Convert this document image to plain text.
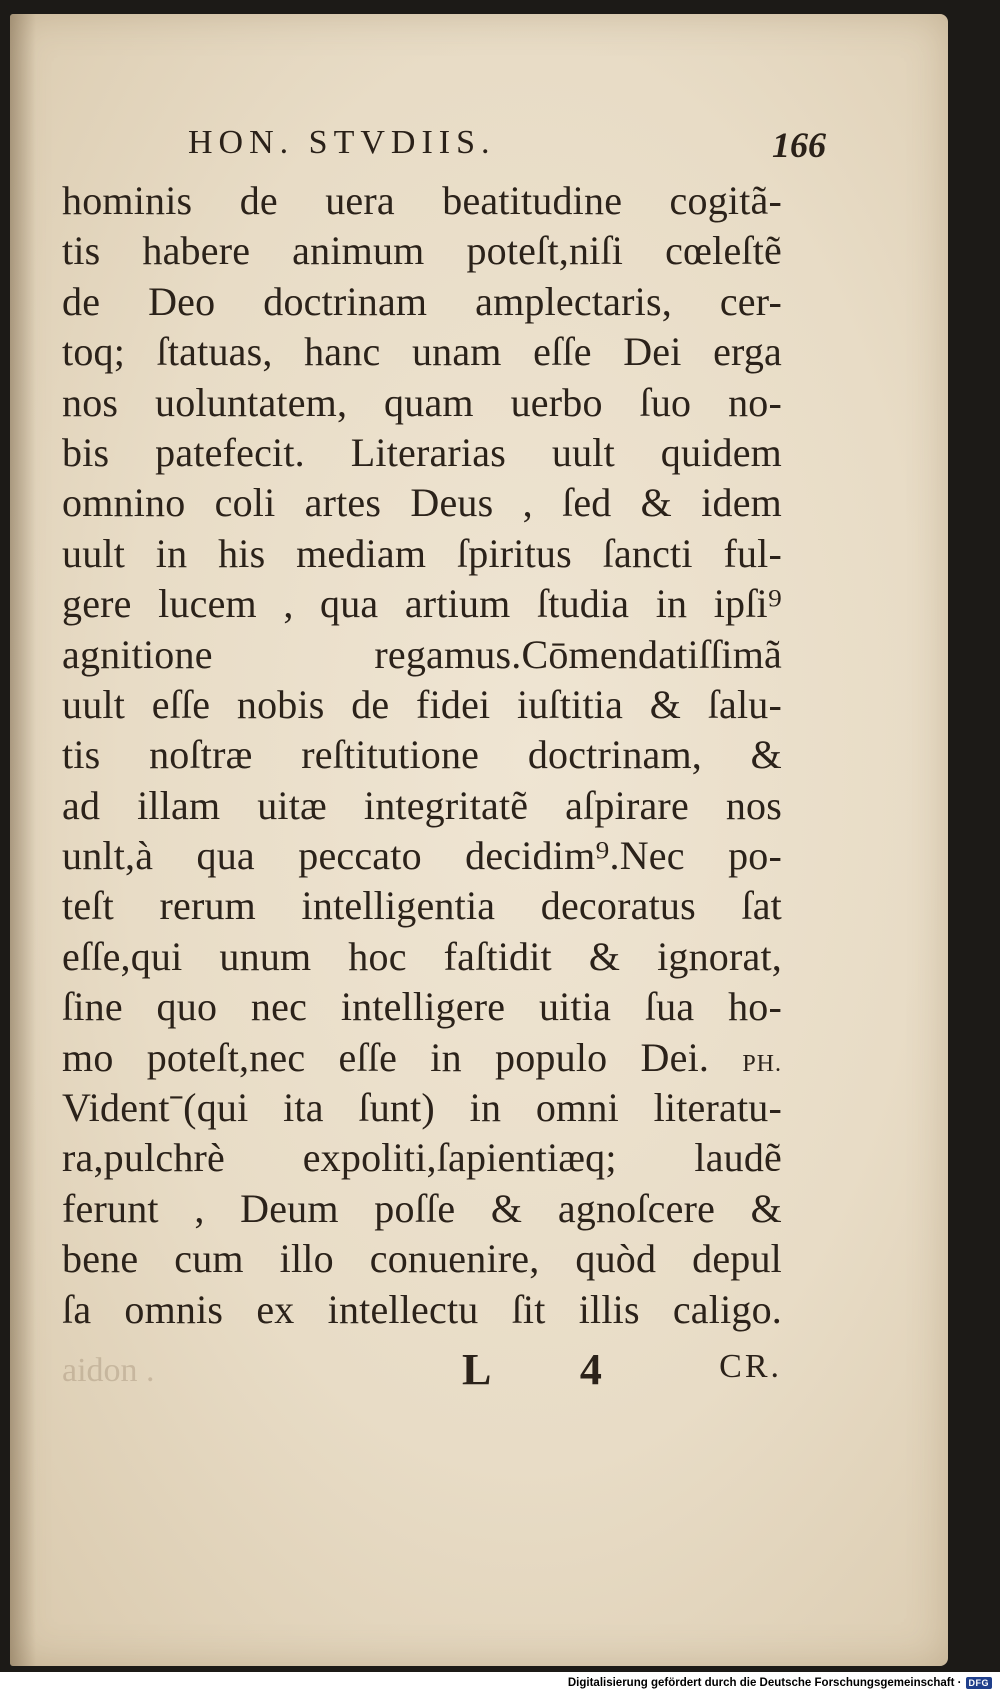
HON. STVDIIS.	166
hominis de uera beatitudine cogitã-
tis habere animum poteſt,niſi cœleſtẽ
de Deo doctrinam amplectaris, cer-
toq; ſtatuas, hanc unam eſſe Dei erga
nos uoluntatem, quam uerbo ſuo no-
bis patefecit. Literarias uult quidem
omnino coli artes Deus , ſed & idem
uult in his mediam ſpiritus ſancti ful-
gere lucem , qua artium ſtudia in ipſi⁹
agnitione regamus.Cōmendatiſſimã
uult eſſe nobis de fidei iuſtitia & ſalu-
tis noſtræ reſtitutione doctrinam, &
ad illam uitæ integritatẽ aſpirare nos
unlt,à qua peccato decidim⁹.Nec po-
teſt rerum intelligentia decoratus ſat
eſſe,qui unum hoc faſtidit & ignorat,
ſine quo nec intelligere uitia ſua ho-
mo poteſt,nec eſſe in populo Dei. PH.
Videntˉ(qui ita ſunt) in omni literatu-
ra,pulchrè expoliti,ſapientiæq; laudẽ
ferunt , Deum poſſe & agnoſcere &
bene cum illo conuenire, quòd depul
ſa omnis ex intellectu ſit illis caligo.
aidon .	L 4 CR.
Digitalisierung gefördert durch die Deutsche Forschungsgemeinschaft · DFG
